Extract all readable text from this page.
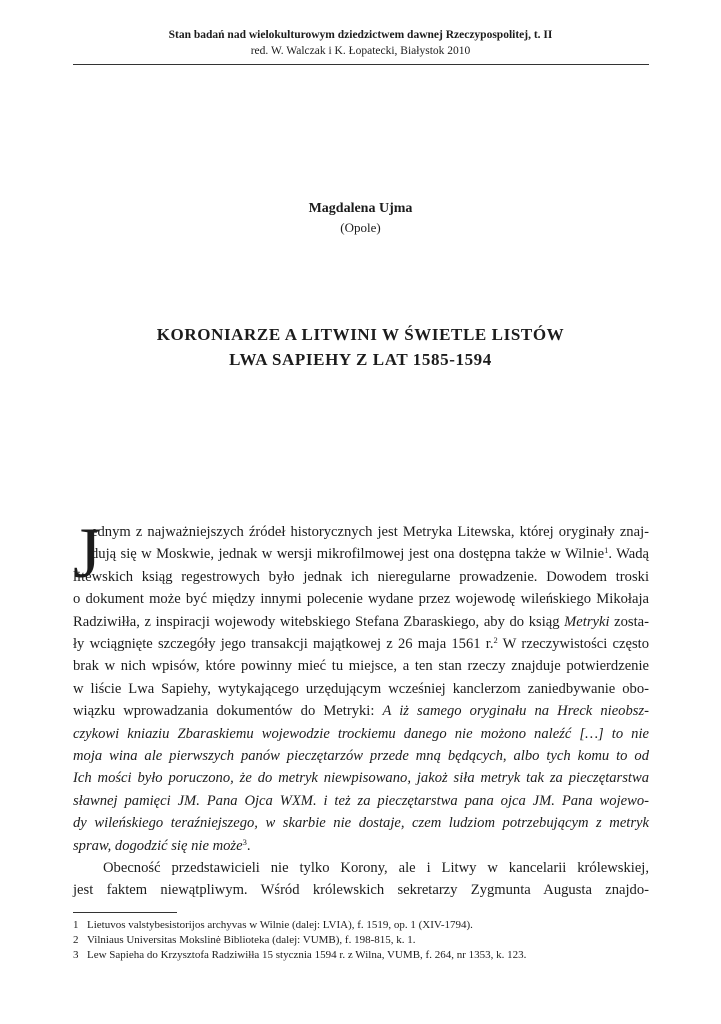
Stan badań nad wielokulturowym dziedzictwem dawnej Rzeczypospolitej, t. II
red. W. Walczak i K. Łopatecki, Białystok 2010
Magdalena Ujma
(Opole)
KORONIARZE A LITWINI W ŚWIETLE LISTÓW
LWA SAPIEHY Z LAT 1585-1594
J
ednym z najważniejszych źródeł historycznych jest Metryka Litewska, której oryginały znaj-
dują się w Moskwie, jednak w wersji mikrofilmowej jest ona dostępna także w Wilnie$^1$. Wadą
litewskich ksiąg regestrowych było jednak ich nieregularne prowadzenie. Dowodem troski
o dokument może być między innymi polecenie wydane przez wojewodę wileńskiego Mikołaja
Radziwiłła, z inspiracji wojewody witebskiego Stefana Zbaraskiego, aby do ksiąg Metryki zosta-
ły wciągnięte szczegóły jego transakcji majątkowej z 26 maja 1561 r.$^2$ W rzeczywistości często
brak w nich wpisów, które powinny mieć tu miejsce, a ten stan rzeczy znajduje potwierdzenie
w liście Lwa Sapiehy, wytykającego urzędującym wcześniej kanclerzom zaniedbywanie obo-
wiązku wprowadzania dokumentów do Metryki: A iż samego oryginału na Hreck nieobsz-
czykowi kniaziu Zbaraskiemu wojewodzie trockiemu danego nie możono naleźć […] to nie
moja wina ale pierwszych panów pieczętarzów przede mną będących, albo tych komu to od
Ich mości było poruczono, że do metryk niewpisowano, jakoż siła metryk tak za pieczętarstwa
sławnej pamięci JM. Pana Ojca WXM. i też za pieczętarstwa pana ojca JM. Pana wojewo-
dy wileńskiego teraźniejszego, w skarbie nie dostaje, czem ludziom potrzebującym z metryk
spraw, dogodzić się nie może$^3$.
Obecność przedstawicieli nie tylko Korony, ale i Litwy w kancelarii królewskiej,
jest faktem niewątpliwym. Wśród królewskich sekretarzy Zygmunta Augusta znajdo-
1 Lietuvos valstybesistorijos archyvas w Wilnie (dalej: LVIA), f. 1519, op. 1 (XIV-1794).
2 Vilniaus Universitas Mokslinė Biblioteka (dalej: VUMB), f. 198-815, k. 1.
3 Lew Sapieha do Krzysztofa Radziwiłła 15 stycznia 1594 r. z Wilna, VUMB, f. 264, nr 1353, k. 123.
